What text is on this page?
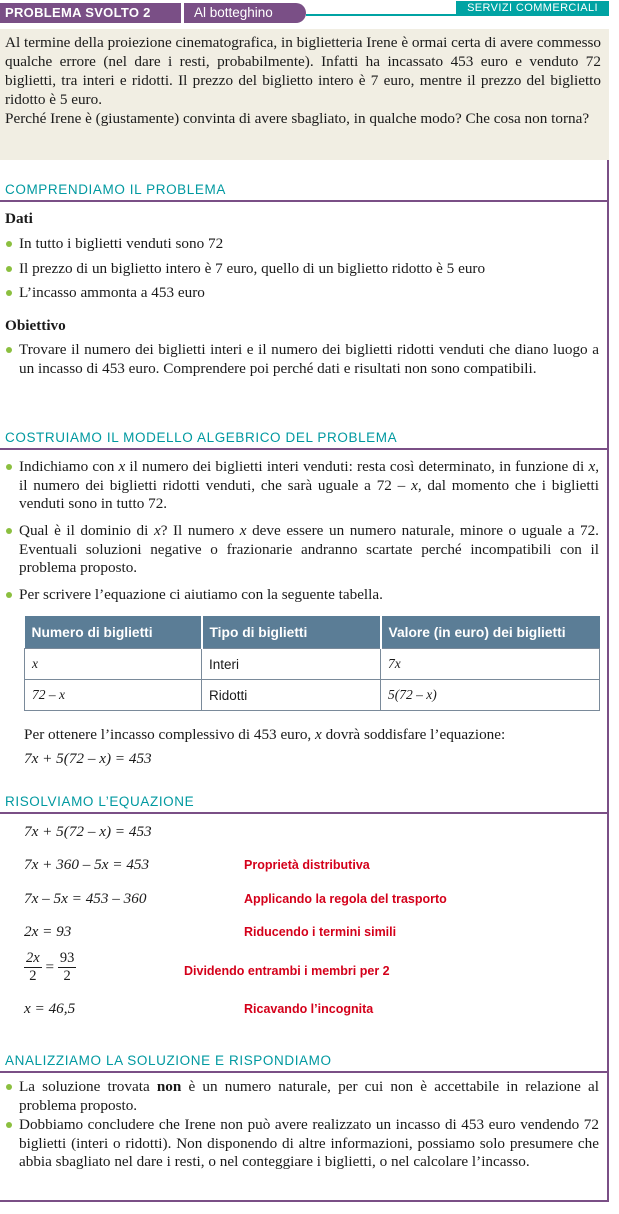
PROBLEMA SVOLTO 2	Al botteghino	SERVIZI COMMERCIALI

Al termine della proiezione cinematografica, in biglietteria Irene è ormai certa di avere commesso qualche errore (nel dare i resti, probabilmente). Infatti ha incassato 453 euro e venduto 72 biglietti, tra interi e ridotti. Il prezzo del biglietto intero è 7 euro, mentre il prezzo del biglietto ridotto è 5 euro.

Perché Irene è (giustamente) convinta di avere sbagliato, in qualche modo? Che cosa non torna?

COMPRENDIAMO IL PROBLEMA
Dati
In tutto i biglietti venduti sono 72
Il prezzo di un biglietto intero è 7 euro, quello di un biglietto ridotto è 5 euro
L’incasso ammonta a 453 euro
Obiettivo
Trovare il numero dei biglietti interi e il numero dei biglietti ridotti venduti che diano luogo a un incasso di 453 euro. Comprendere poi perché dati e risultati non sono compatibili.
COSTRUIAMO IL MODELLO ALGEBRICO DEL PROBLEMA
Indichiamo con x il numero dei biglietti interi venduti: resta così determinato, in funzione di x, il numero dei biglietti ridotti venduti, che sarà uguale a 72 – x, dal momento che i biglietti venduti sono in tutto 72.
Qual è il dominio di x? Il numero x deve essere un numero naturale, minore o uguale a 72. Eventuali soluzioni negative o frazionarie andranno scartate perché incompatibili con il problema proposto.
Per scrivere l’equazione ci aiutiamo con la seguente tabella.
Numero di biglietti	Tipo di biglietti	Valore (in euro) dei biglietti
x	Interi	7x
72 – x	Ridotti	5(72 – x)
Per ottenere l’incasso complessivo di 453 euro, x dovrà soddisfare l’equazione:
7x + 5(72 – x) = 453
RISOLVIAMO L’EQUAZIONE
7x + 5(72 – x) = 453
7x + 360 – 5x = 453	Proprietà distributiva
7x – 5x = 453 – 360	Applicando la regola del trasporto
2x = 93	Riducendo i termini simili
$\frac{2x}{2} = \frac{93}{2}$	Dividendo entrambi i membri per 2
x = 46,5	Ricavando l’incognita
ANALIZZIAMO LA SOLUZIONE E RISPONDIAMO
La soluzione trovata non è un numero naturale, per cui non è accettabile in relazione al problema proposto.
Dobbiamo concludere che Irene non può avere realizzato un incasso di 453 euro vendendo 72 biglietti (interi o ridotti). Non disponendo di altre informazioni, possiamo solo presumere che abbia sbagliato nel dare i resti, o nel conteggiare i biglietti, o nel calcolare l’incasso.
